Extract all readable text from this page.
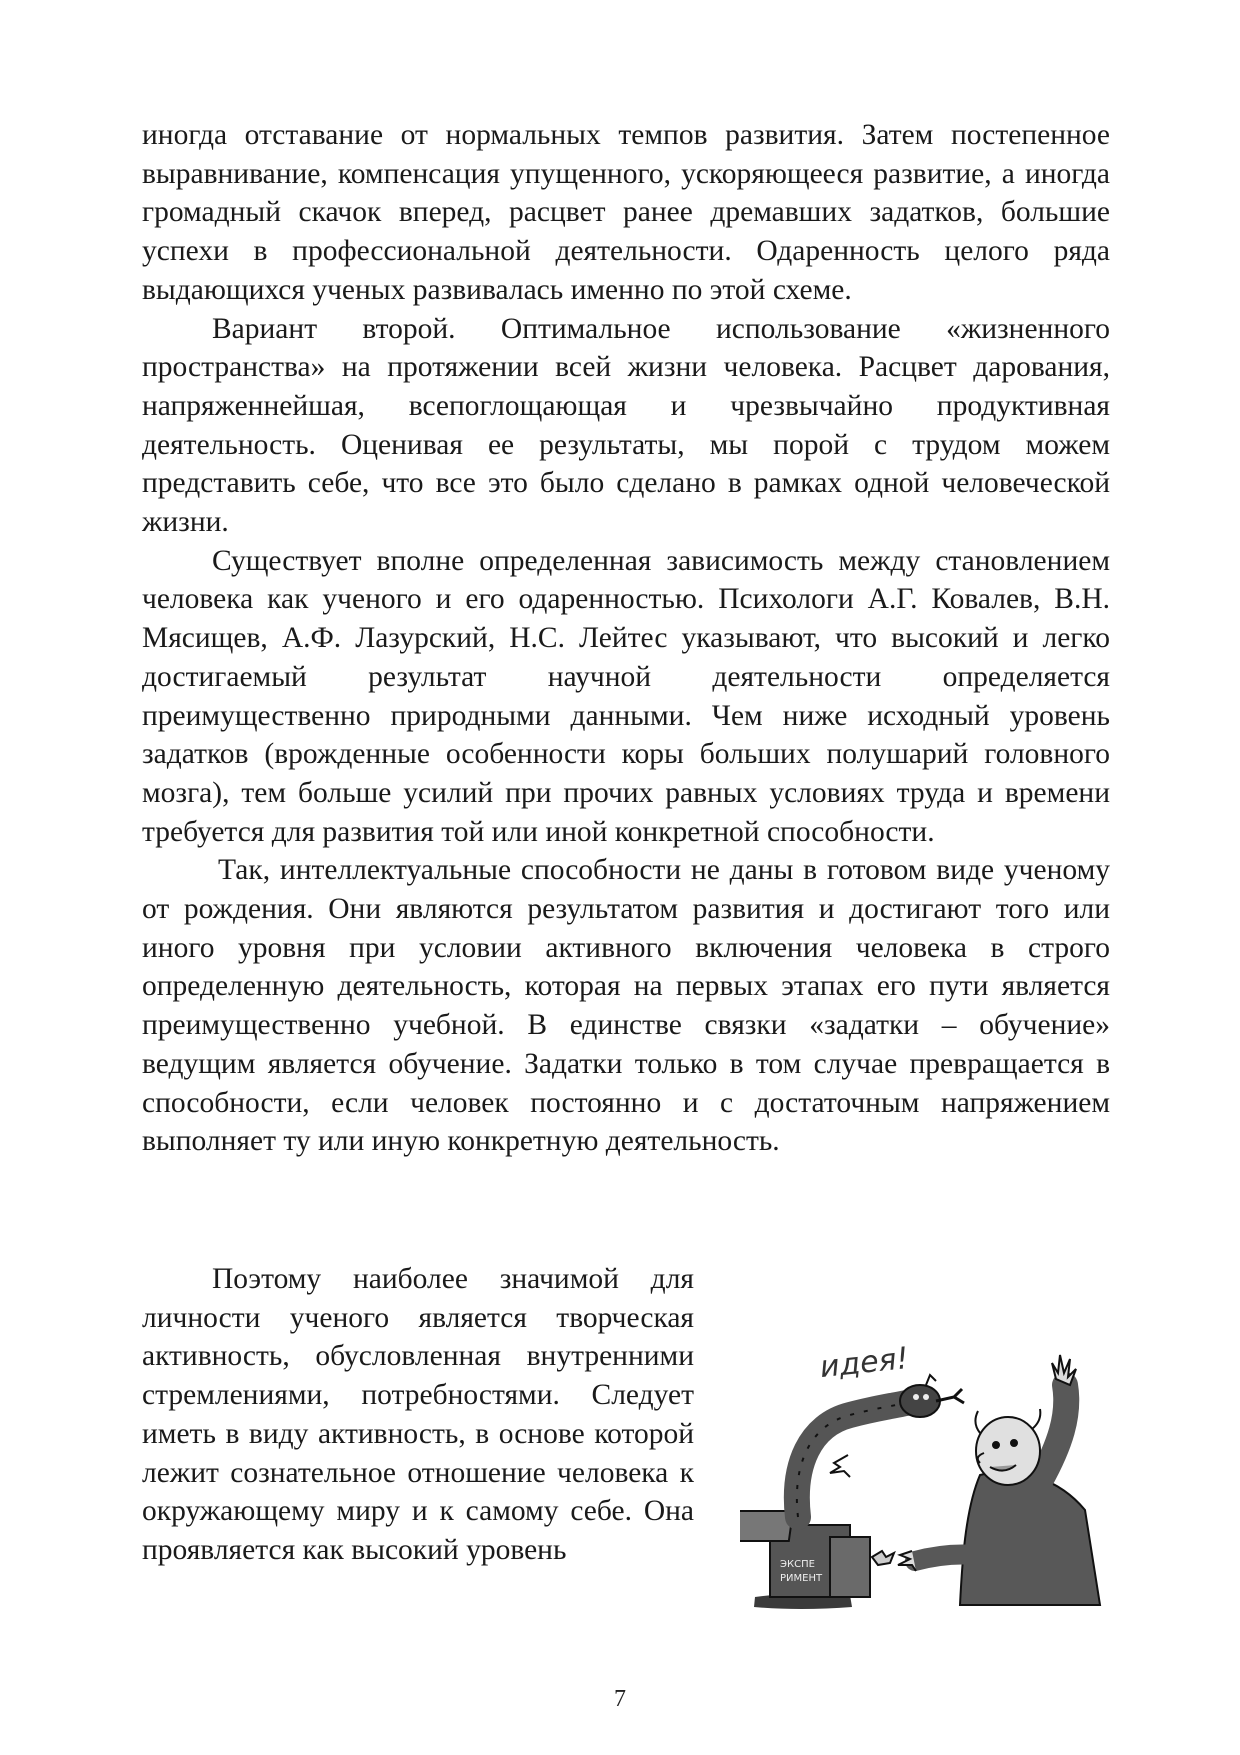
иногда отставание от нормальных темпов развития. Затем постепенное выравнивание, компенсация упущенного, ускоряющееся развитие, а иногда громадный скачок вперед, расцвет ранее дремавших задатков, большие успехи в профессиональной деятельности. Одаренность целого ряда выдающихся ученых развивалась именно по этой схеме.

Вариант второй. Оптимальное использование «жизненного пространства» на протяжении всей жизни человека. Расцвет дарования, напряженнейшая, всепоглощающая и чрезвычайно продуктивная деятельность. Оценивая ее результаты, мы порой с трудом можем представить себе, что все это было сделано в рамках одной человеческой жизни.

Существует вполне определенная зависимость между становлением человека как ученого и его одаренностью. Психологи А.Г. Ковалев, В.Н. Мясищев, А.Ф. Лазурский, Н.С. Лейтес указывают, что высокий и легко достигаемый результат научной деятельности определяется преимущественно природными данными. Чем ниже исходный уровень задатков (врожденные особенности коры больших полушарий головного мозга), тем больше усилий при прочих равных условиях труда и времени требуется для развития той или иной конкретной способности.

Так, интеллектуальные способности не даны в готовом виде ученому от рождения. Они являются результатом развития и достигают того или иного уровня при условии активного включения человека в строго определенную деятельность, которая на первых этапах его пути является преимущественно учебной. В единстве связки «задатки – обучение» ведущим является обучение. Задатки только в том случае превращается в способности, если человек постоянно и с достаточным напряжением выполняет ту или иную конкретную деятельность.

Поэтому наиболее значимой для личности ученого является творческая активность, обусловленная внутренними стремлениями, потребностями. Следует иметь в виду активность, в основе которой лежит сознательное отношение человека к окружающему миру и к самому себе. Она проявляется как высокий уровень

идея!
ЭКСПЕ
РИМЕНТ
7
